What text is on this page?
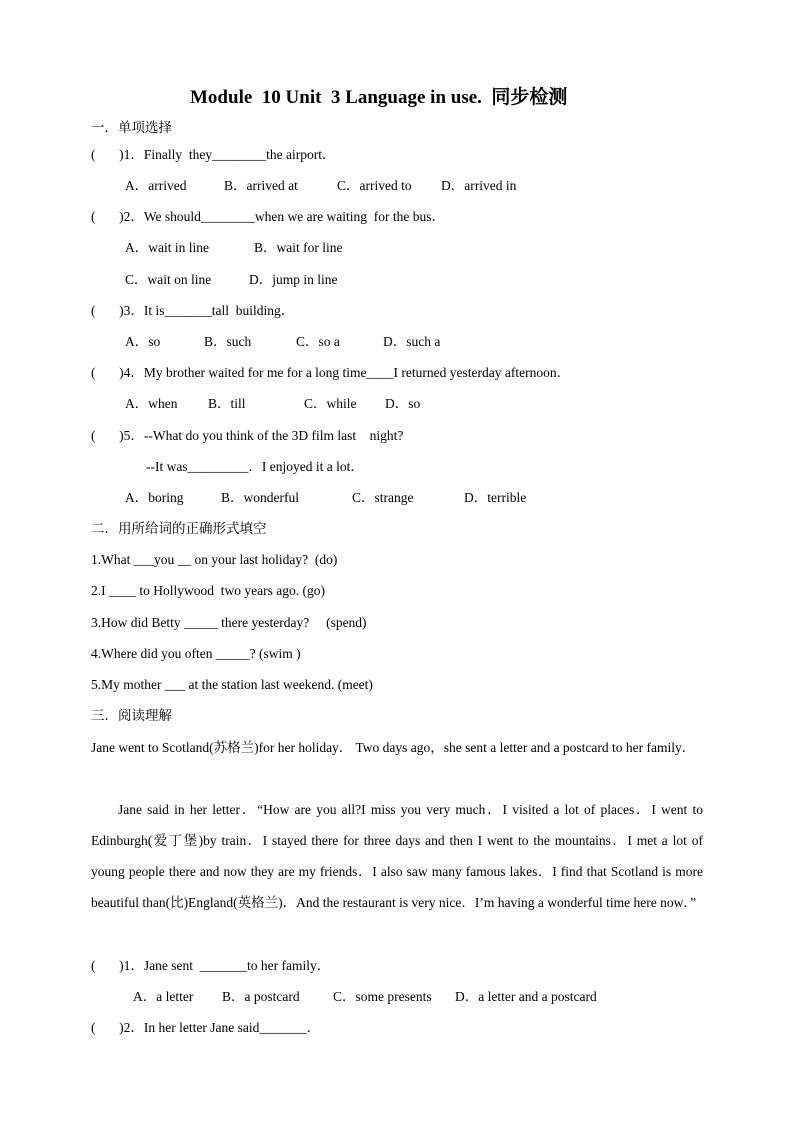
Module  10 Unit  3 Language in use.  同步检测
一．单项选择
(       )1．Finally  they________the airport．
A．arrived	B．arrived at	C．arrived to D．arrived in
(       )2．We should________when we are waiting  for the bus．
A．wait in line	B．wait for line
C．wait on line	D．jump in line
(       )3．It is_______tall  building．
A．so	B．such	C．so a	D．such a
(       )4．My brother waited for me for a long time____I returned yesterday afternoon．
A．when B．till	C．while D．so
(       )5．--What do you think of the 3D film last    night?
--It was_________．I enjoyed it a lot．
A．boring	B．wonderful	C．strange	D．terrible
二．用所给词的正确形式填空
1.What ___you __ on your last holiday?  (do)
2.I ____ to Hollywood  two years ago. (go)
3.How did Betty _____ there yesterday?     (spend)
4.Where did you often _____? (swim )
5.My mother ___ at the station last weekend. (meet)
三．阅读理解
Jane went to Scotland(苏格兰)for her holiday． Two days ago，she sent a letter and a postcard to her family．
Jane said in her letter．“How are you all?I miss you very much．I visited a lot of places．I went to Edinburgh(爱丁堡)by train．I stayed there for three days and then I went to the mountains．I met a lot of young people there and now they are my friends．I also saw many famous lakes．I find that Scotland is more beautiful than(比)England(英格兰)．And the restaurant is very nice．I’m having a wonderful time here now．”
(       )1．Jane sent  _______to her family．
A．a letter B．a postcard C．some presents D．a letter and a postcard
(       )2．In her letter Jane said_______．
